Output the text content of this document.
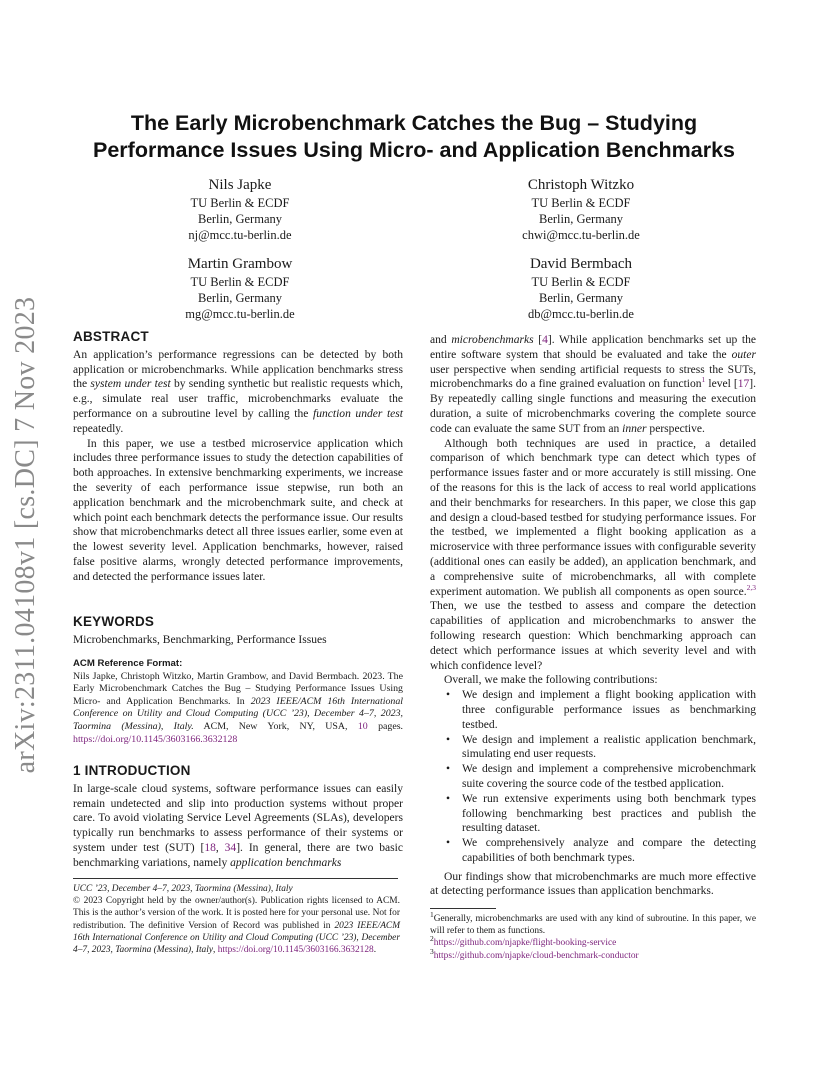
arXiv:2311.04108v1 [cs.DC] 7 Nov 2023
The Early Microbenchmark Catches the Bug – Studying
Performance Issues Using Micro- and Application Benchmarks
Nils Japke
TU Berlin & ECDF
Berlin, Germany
nj@mcc.tu-berlin.de
Christoph Witzko
TU Berlin & ECDF
Berlin, Germany
chwi@mcc.tu-berlin.de
Martin Grambow
TU Berlin & ECDF
Berlin, Germany
mg@mcc.tu-berlin.de
David Bermbach
TU Berlin & ECDF
Berlin, Germany
db@mcc.tu-berlin.de
ABSTRACT

An application’s performance regressions can be detected by both application or microbenchmarks. While application benchmarks stress the system under test by sending synthetic but realistic requests which, e.g., simulate real user traffic, microbenchmarks evaluate the performance on a subroutine level by calling the function under test repeatedly.

In this paper, we use a testbed microservice application which includes three performance issues to study the detection capabilities of both approaches. In extensive benchmarking experiments, we increase the severity of each performance issue stepwise, run both an application benchmark and the microbenchmark suite, and check at which point each benchmark detects the performance issue. Our results show that microbenchmarks detect all three issues earlier, some even at the lowest severity level. Application benchmarks, however, raised false positive alarms, wrongly detected performance improvements, and detected the performance issues later.

KEYWORDS

Microbenchmarks, Benchmarking, Performance Issues

ACM Reference Format:

Nils Japke, Christoph Witzko, Martin Grambow, and David Bermbach. 2023. The Early Microbenchmark Catches the Bug – Studying Performance Issues Using Micro- and Application Benchmarks. In 2023 IEEE/ACM 16th International Conference on Utility and Cloud Computing (UCC ’23), December 4–7, 2023, Taormina (Messina), Italy. ACM, New York, NY, USA, 10 pages. https://doi.org/10.1145/3603166.3632128

1 INTRODUCTION

In large-scale cloud systems, software performance issues can easily remain undetected and slip into production systems without proper care. To avoid violating Service Level Agreements (SLAs), developers typically run benchmarks to assess performance of their systems or system under test (SUT) [18, 34]. In general, there are two basic benchmarking variations, namely application benchmarks

UCC ’23, December 4–7, 2023, Taormina (Messina), Italy

© 2023 Copyright held by the owner/author(s). Publication rights licensed to ACM. This is the author’s version of the work. It is posted here for your personal use. Not for redistribution. The definitive Version of Record was published in 2023 IEEE/ACM 16th International Conference on Utility and Cloud Computing (UCC ’23), December 4–7, 2023, Taormina (Messina), Italy, https://doi.org/10.1145/3603166.3632128.

and microbenchmarks [4]. While application benchmarks set up the entire software system that should be evaluated and take the outer user perspective when sending artificial requests to stress the SUTs, microbenchmarks do a fine grained evaluation on function$^1$ level [17]. By repeatedly calling single functions and measuring the execution duration, a suite of microbenchmarks covering the complete source code can evaluate the same SUT from an inner perspective.

Although both techniques are used in practice, a detailed comparison of which benchmark type can detect which types of performance issues faster and or more accurately is still missing. One of the reasons for this is the lack of access to real world applications and their benchmarks for researchers. In this paper, we close this gap and design a cloud-based testbed for studying performance issues. For the testbed, we implemented a flight booking application as a microservice with three performance issues with configurable severity (additional ones can easily be added), an application benchmark, and a comprehensive suite of microbenchmarks, all with complete experiment automation. We publish all components as open source.$^{2,3}$ Then, we use the testbed to assess and compare the detection capabilities of application and microbenchmarks to answer the following research question: Which benchmarking approach can detect which performance issues at which severity level and with which confidence level?

Overall, we make the following contributions:

• We design and implement a flight booking application with three configurable performance issues as benchmarking testbed.
• We design and implement a realistic application benchmark, simulating end user requests.
• We design and implement a comprehensive microbenchmark suite covering the source code of the testbed application.
• We run extensive experiments using both benchmark types following benchmarking best practices and publish the resulting dataset.
• We comprehensively analyze and compare the detecting capabilities of both benchmark types.

Our findings show that microbenchmarks are much more effective at detecting performance issues than application benchmarks.

$^1$Generally, microbenchmarks are used with any kind of subroutine. In this paper, we will refer to them as functions.

$^2$https://github.com/njapke/flight-booking-service

$^3$https://github.com/njapke/cloud-benchmark-conductor
